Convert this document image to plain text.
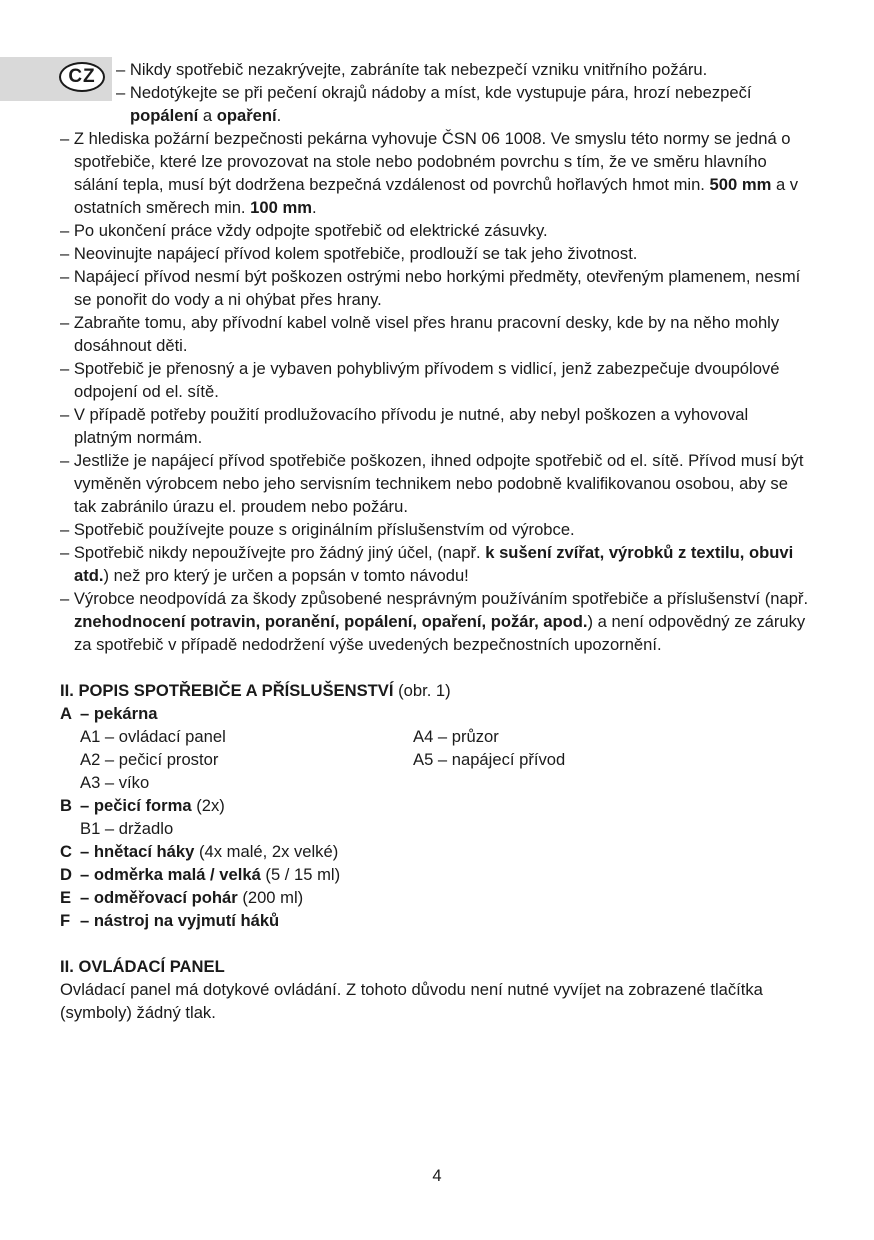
CZ	– Nikdy spotřebič nezakrývejte, zabráníte tak nebezpečí vzniku vnitřního požáru.
– Nedotýkejte se při pečení okrajů nádoby a míst, kde vystupuje pára, hrozí nebezpečí popálení a opaření.
– Z hlediska požární bezpečnosti pekárna vyhovuje ČSN 06 1008. Ve smyslu této normy se jedná o spotřebiče, které lze provozovat na stole nebo podobném povrchu s tím, že ve směru hlavního sálání tepla, musí být dodržena bezpečná vzdálenost od povrchů hořlavých hmot min. 500 mm a v ostatních směrech min. 100 mm.
– Po ukončení práce vždy odpojte spotřebič od elektrické zásuvky.
– Neovinujte napájecí přívod kolem spotřebiče, prodlouží se tak jeho životnost.
– Napájecí přívod nesmí být poškozen ostrými nebo horkými předměty, otevřeným plamenem, nesmí se ponořit do vody a ni ohýbat přes hrany.
– Zabraňte tomu, aby přívodní kabel volně visel přes hranu pracovní desky, kde by na něho mohly dosáhnout děti.
– Spotřebič je přenosný a je vybaven pohyblivým přívodem s vidlicí, jenž zabezpečuje dvoupólové odpojení od el. sítě.
– V případě potřeby použití prodlužovacího přívodu je nutné, aby nebyl poškozen a vyhovoval platným normám.
– Jestliže je napájecí přívod spotřebiče poškozen, ihned odpojte spotřebič od el. sítě. Přívod musí být vyměněn výrobcem nebo jeho servisním technikem nebo podobně kvalifikovanou osobou, aby se tak zabránilo úrazu el. proudem nebo požáru.
– Spotřebič používejte pouze s originálním příslušenstvím od výrobce.
– Spotřebič nikdy nepoužívejte pro žádný jiný účel, (např. k sušení zvířat, výrobků z textilu, obuvi atd.) než pro který je určen a popsán v tomto návodu!
– Výrobce neodpovídá za škody způsobené nesprávným používáním spotřebiče a příslušenství (např. znehodnocení potravin, poranění, popálení, opaření, požár, apod.) a není odpovědný ze záruky za spotřebič v případě nedodržení výše uvedených bezpečnostních upozornění.
II. POPIS SPOTŘEBIČE A PŘÍSLUŠENSTVÍ (obr. 1)
A – pekárna
A1 – ovládací panel	A4 – průzor
A2 – pečicí prostor	A5 – napájecí přívod
A3 – víko
B – pečicí forma (2x)
B1 – držadlo
C – hnětací háky (4x malé, 2x velké)
D – odměrka malá / velká (5 / 15 ml)
E – odměřovací pohár (200 ml)
F – nástroj na vyjmutí háků
II. OVLÁDACÍ PANEL
Ovládací panel má dotykové ovládání. Z tohoto důvodu není nutné vyvíjet na zobrazené tlačítka (symboly) žádný tlak.
4
